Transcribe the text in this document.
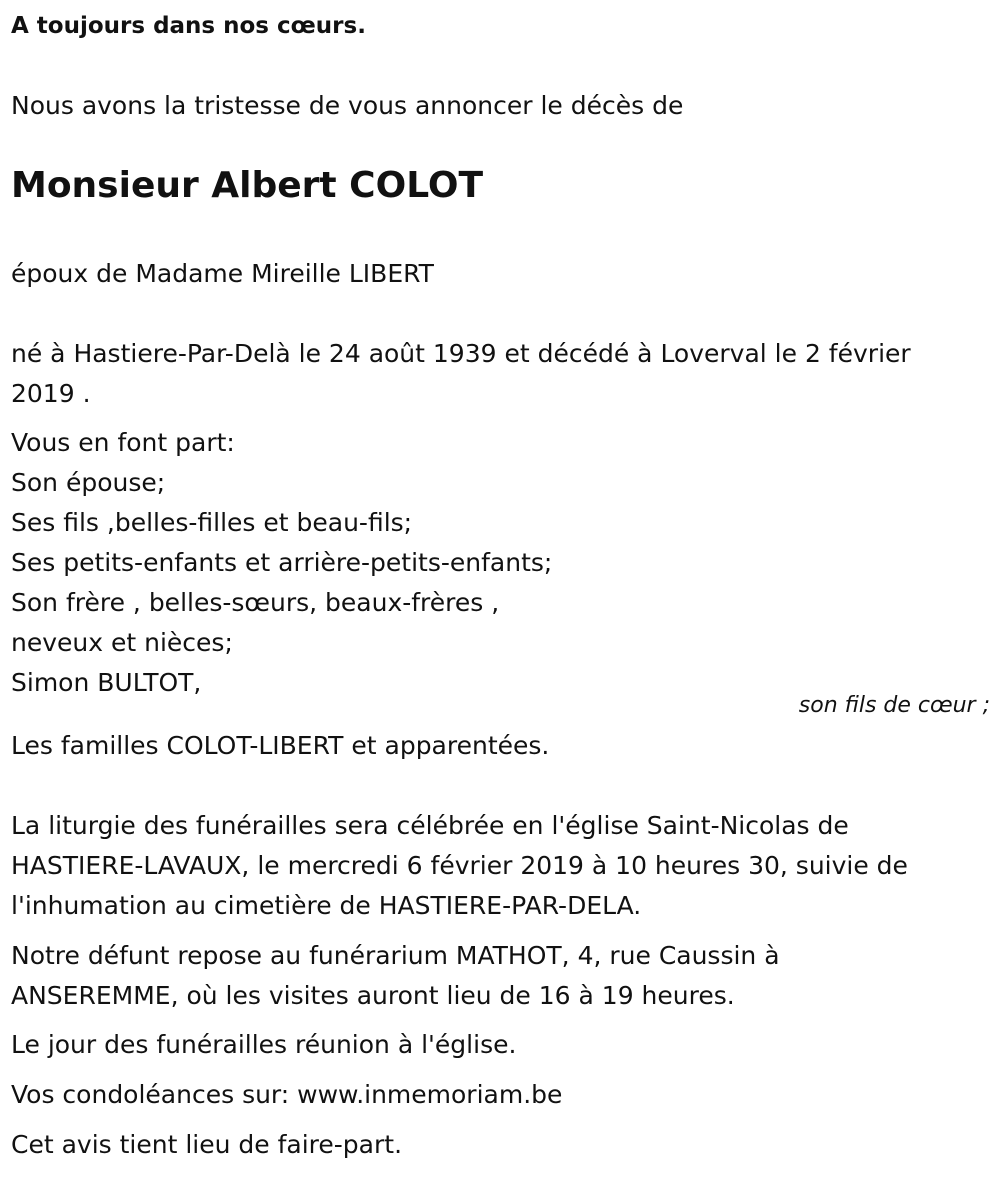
A toujours dans nos cœurs.

Nous avons la tristesse de vous annoncer le décès de

Monsieur Albert COLOT

époux de Madame Mireille LIBERT

né à Hastiere-Par-Delà le 24 août 1939 et décédé à Loverval le 2 février

2019 .

Vous en font part:

Son épouse;

Ses fils ,belles-filles et beau-fils;

Ses petits-enfants et arrière-petits-enfants;

Son frère , belles-sœurs, beaux-frères ,

neveux et nièces;

Simon BULTOT,

son fils de cœur ;

Les familles COLOT-LIBERT et apparentées.

La liturgie des funérailles sera célébrée en l'église Saint-Nicolas de

HASTIERE-LAVAUX, le mercredi 6 février 2019 à 10 heures 30, suivie de

l'inhumation au cimetière de HASTIERE-PAR-DELA.

Notre défunt repose au funérarium MATHOT, 4, rue Caussin à

ANSEREMME, où les visites auront lieu de 16 à 19 heures.

Le jour des funérailles réunion à l'église.

Vos condoléances sur: www.inmemoriam.be

Cet avis tient lieu de faire-part.
